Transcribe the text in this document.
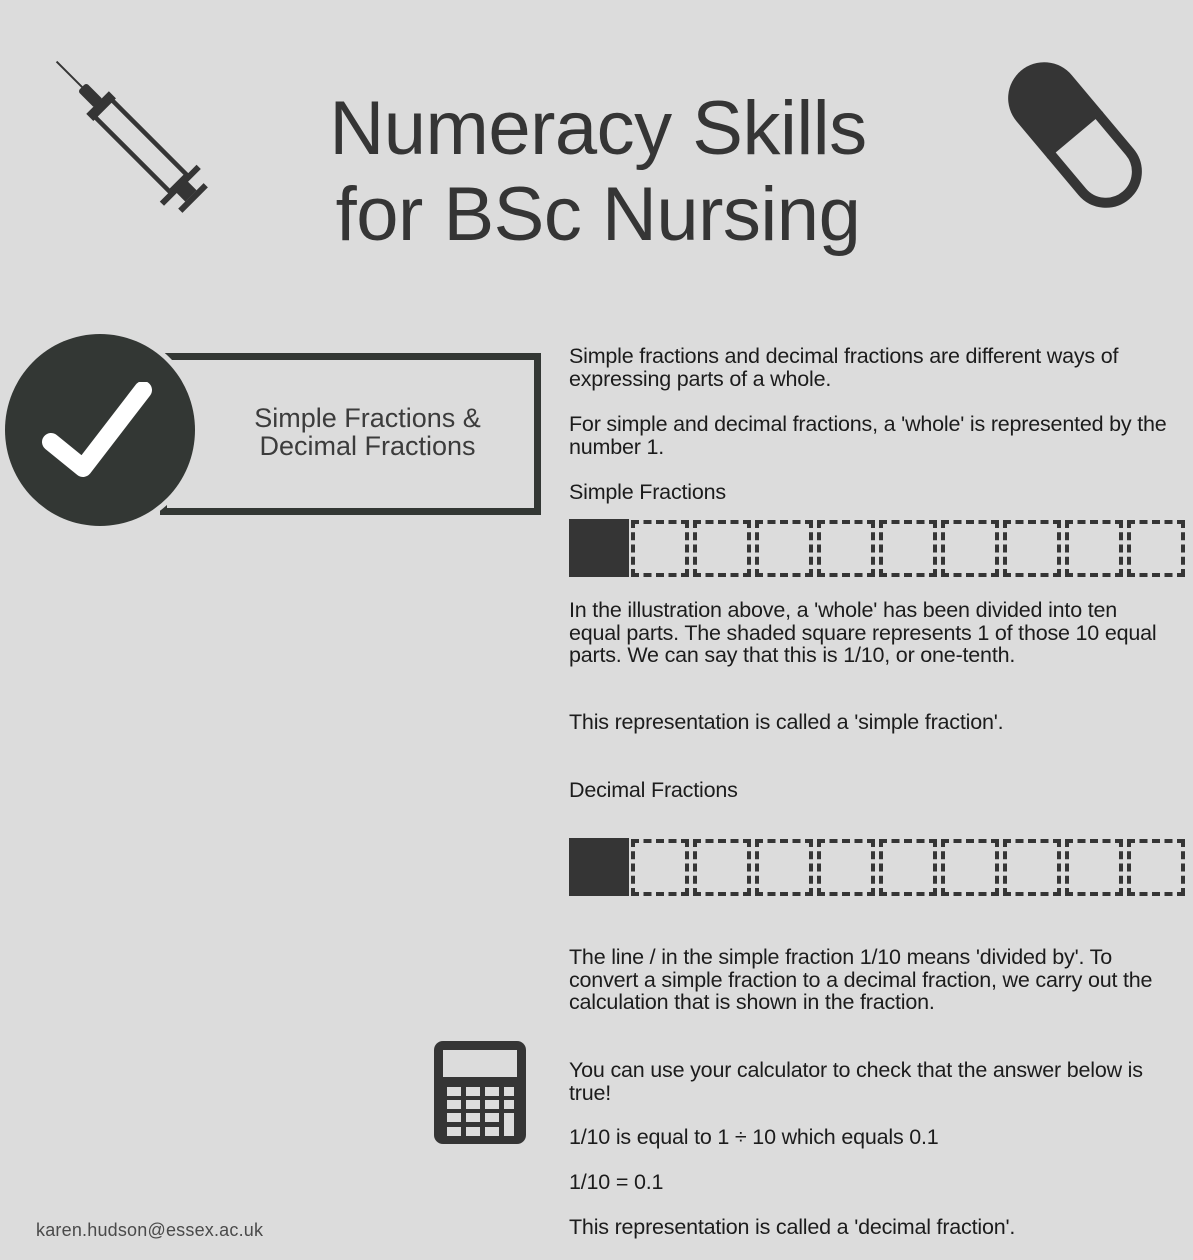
Numeracy Skills
for BSc Nursing
Simple Fractions &
Decimal Fractions

Simple fractions and decimal fractions are different ways of expressing parts of a whole.

For simple and decimal fractions, a 'whole' is represented by the number 1.

Simple Fractions

In the illustration above, a 'whole' has been divided into ten equal parts. The shaded square represents 1 of those 10 equal parts. We can say that this is 1/10, or one-tenth.

This representation is called a 'simple fraction'.

Decimal Fractions

The line / in the simple fraction 1/10 means 'divided by'. To convert a simple fraction to a decimal fraction, we carry out the calculation that is shown in the fraction.

You can use your calculator to check that the answer below is true!

1/10 is equal to 1 ÷ 10 which equals 0.1

1/10 = 0.1

This representation is called a 'decimal fraction'.

karen.hudson@essex.ac.uk
